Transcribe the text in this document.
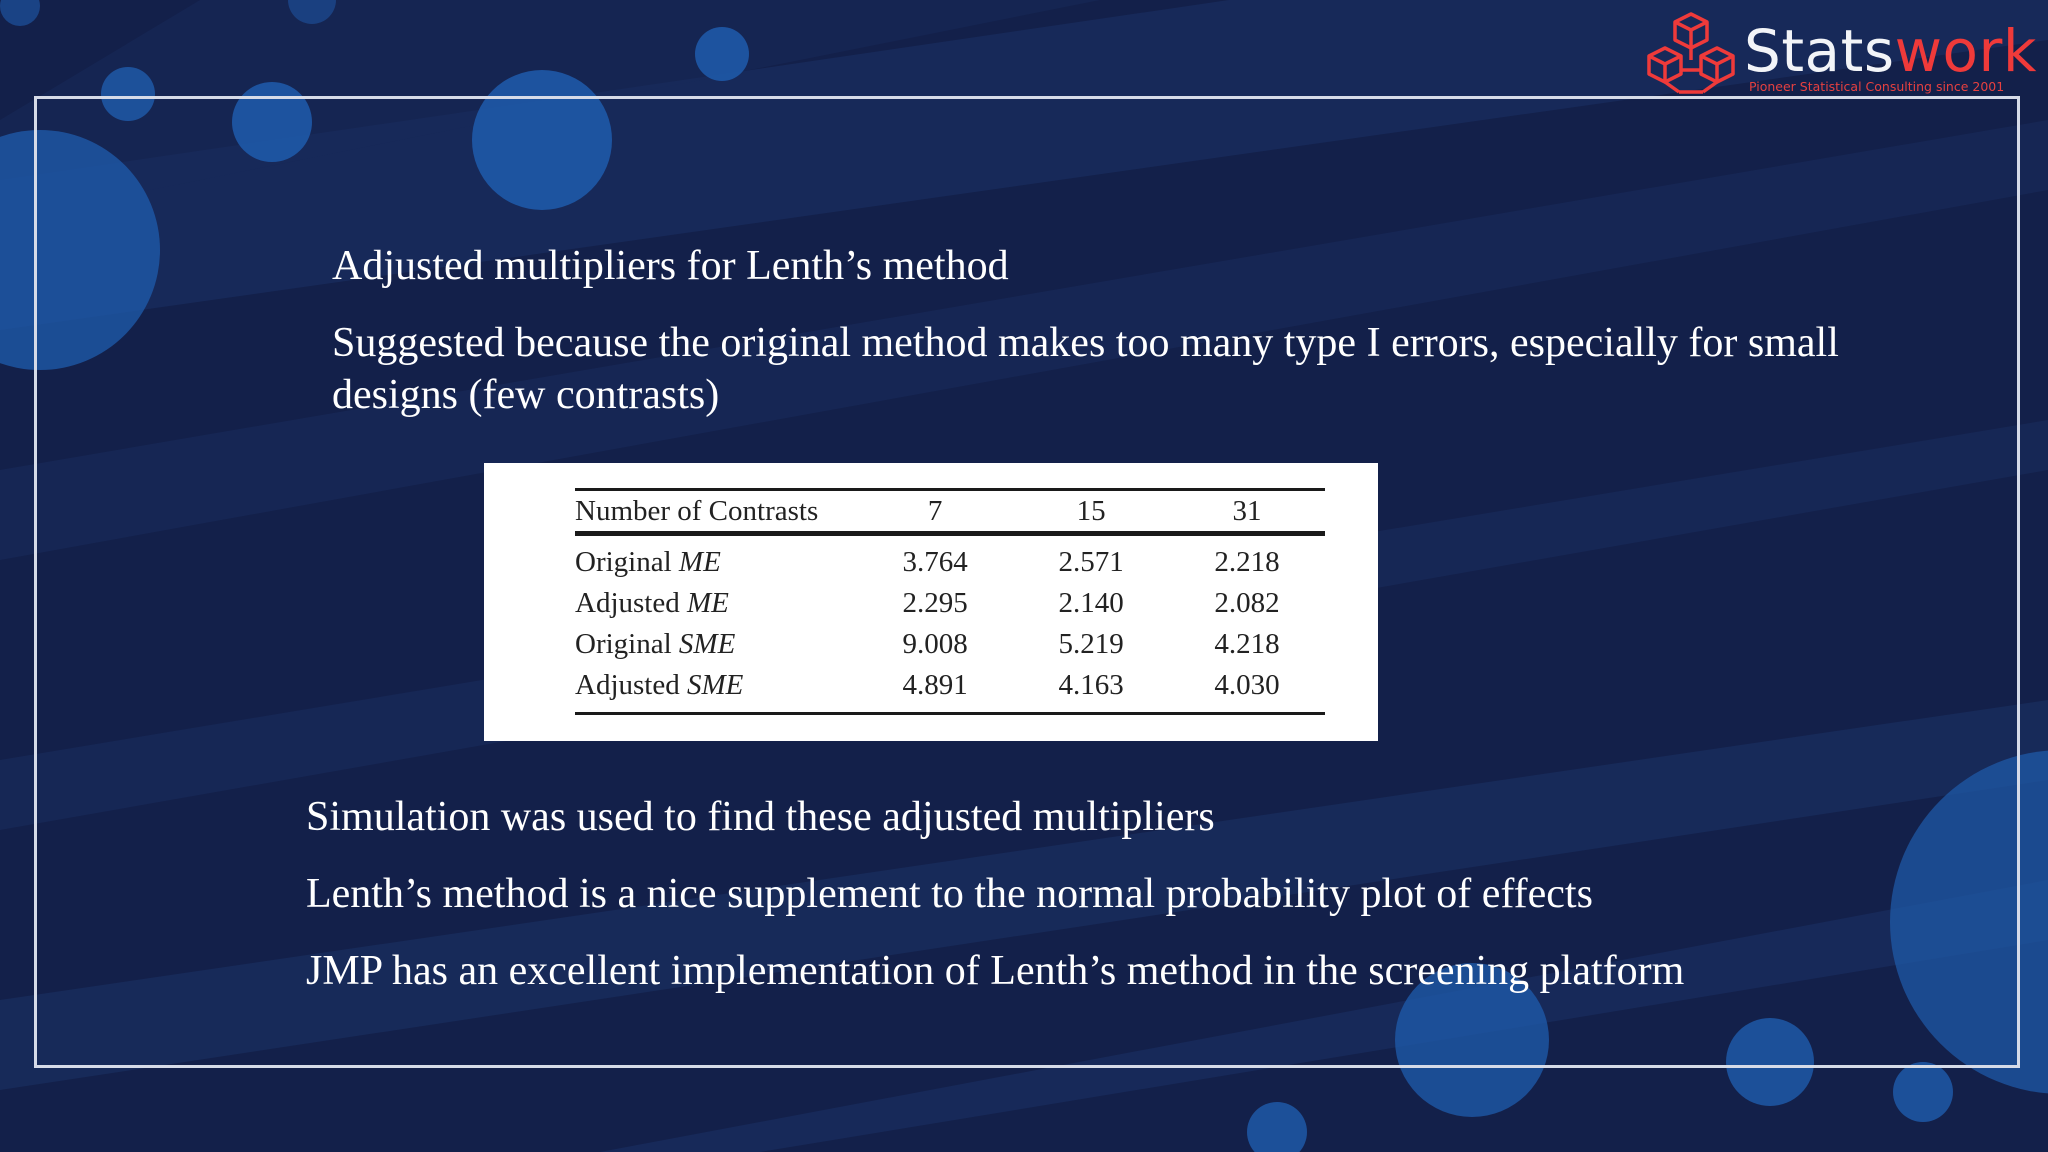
Statswork
Pioneer Statistical Consulting since 2001
Adjusted multipliers for Lenth’s method
Suggested because the original method makes too many type I errors, especially for small designs (few contrasts)
Number of Contrasts	7	15	31
Original ME	3.764	2.571	2.218
Adjusted ME	2.295	2.140	2.082
Original SME	9.008	5.219	4.218
Adjusted SME	4.891	4.163	4.030
Simulation was used to find these adjusted multipliers
Lenth’s method is a nice supplement to the normal probability plot of effects
JMP has an excellent implementation of Lenth’s method in the screening platform
